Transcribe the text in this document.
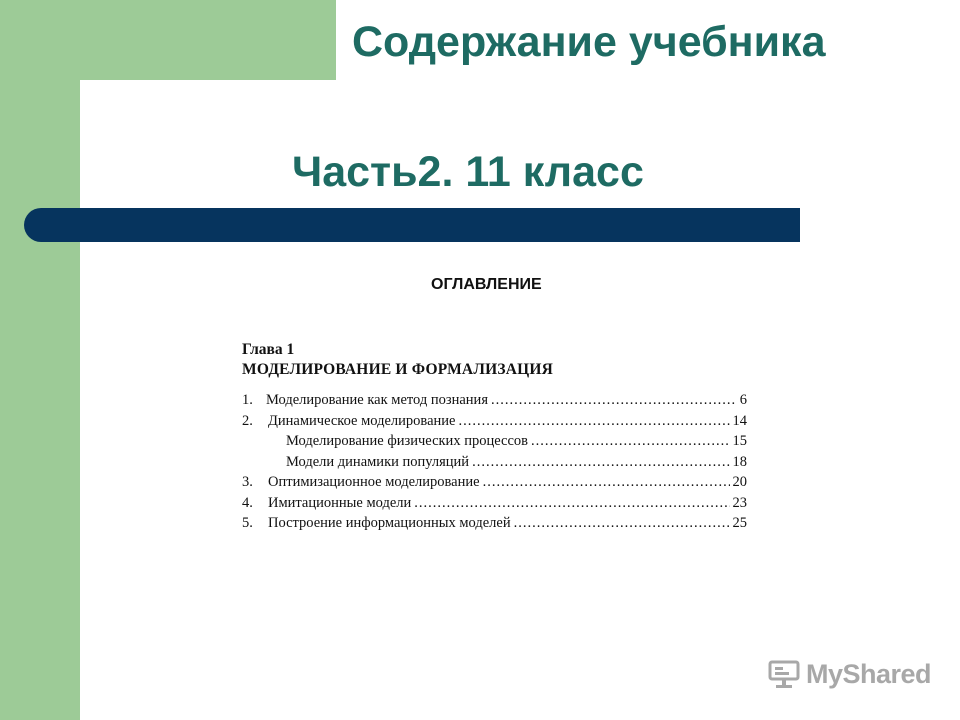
Содержание учебника
Часть2. 11 класс
ОГЛАВЛЕНИЕ
Глава 1
МОДЕЛИРОВАНИЕ И ФОРМАЛИЗАЦИЯ
1. Моделирование как метод познания .....	6
2.	Динамическое моделирование .....	14
Моделирование физических процессов .....	15
Модели динамики популяций .....	18
3.	Оптимизационное моделирование .....	20
4.	Имитационные модели .....	23
5.	Построение информационных моделей .....	25
MyShared
